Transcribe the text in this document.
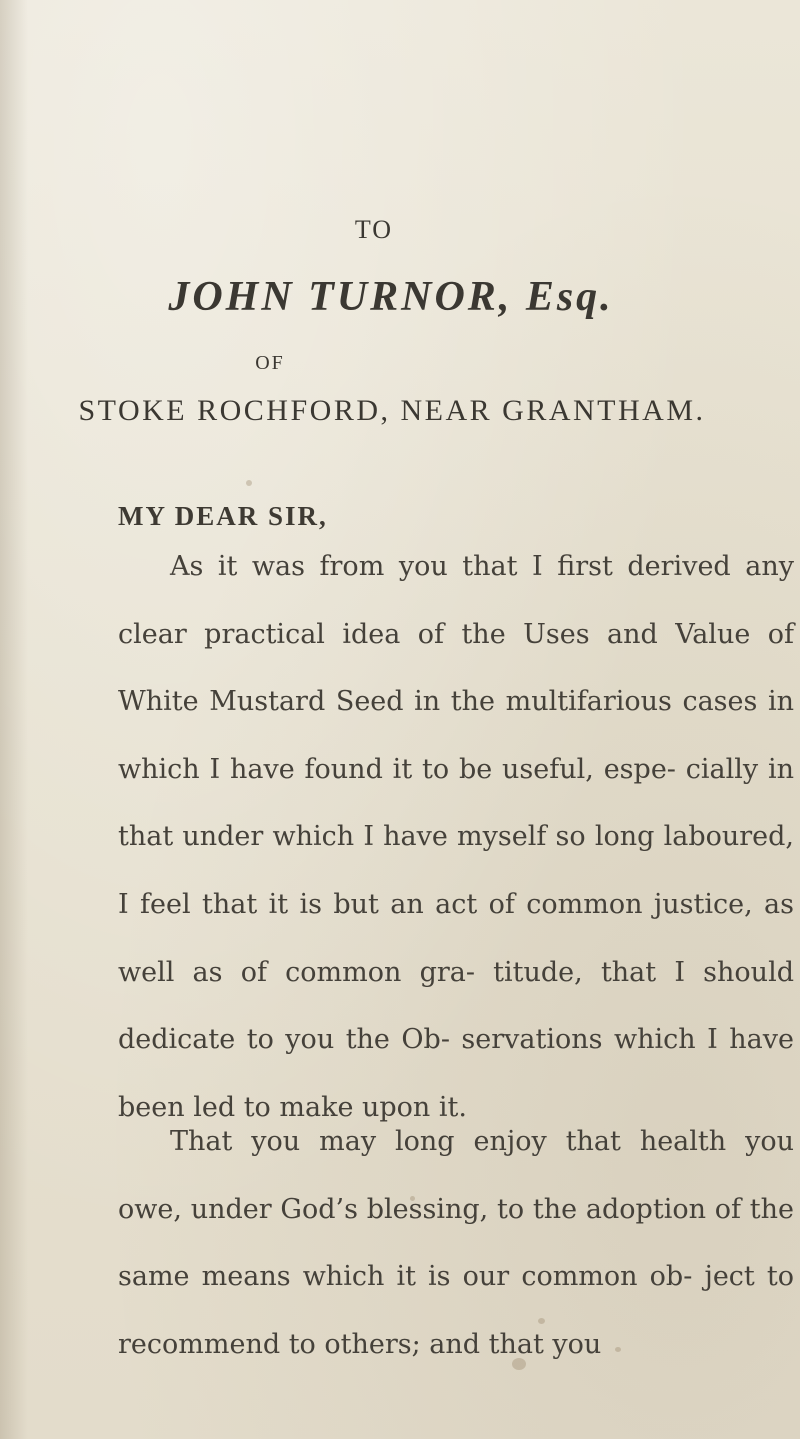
TO
JOHN TURNOR, Esq.
OF
STOKE ROCHFORD, NEAR GRANTHAM.
MY DEAR SIR,

As it was from you that I first derived any clear practical idea of the Uses and Value of White Mustard Seed in the multifarious cases in which I have found it to be useful, espe- cially in that under which I have myself so long laboured, I feel that it is but an act of common justice, as well as of common gra- titude, that I should dedicate to you the Ob- servations which I have been led to make upon it.

That you may long enjoy that health you owe, under God’s blessing, to the adoption of the same means which it is our common ob- ject to recommend to others; and that you
